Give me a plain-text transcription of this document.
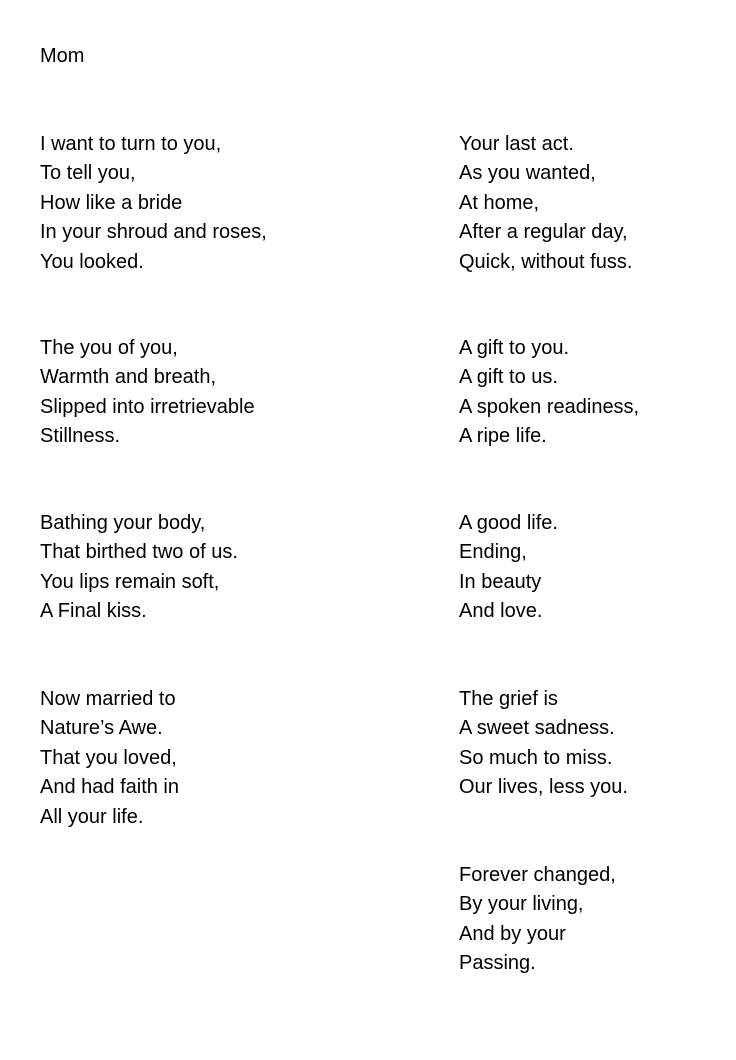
Mom

I want to turn to you,
To tell you,
How like a bride
In your shroud and roses,
You looked.

The you of you,
Warmth and breath,
Slipped into irretrievable
Stillness.

Bathing your body,
That birthed two of us.
You lips remain soft,
A Final kiss.

Now married to
Nature’s Awe.
That you loved,
And had faith in
All your life.

Your last act.
As you wanted,
At home,
After a regular day,
Quick, without fuss.

A gift to you.
A gift to us.
A spoken readiness,
A ripe life.

A good life.
Ending,
In beauty
And love.

The grief is
A sweet sadness.
So much to miss.
Our lives, less you.

Forever changed,
By your living,
And by your
Passing.
